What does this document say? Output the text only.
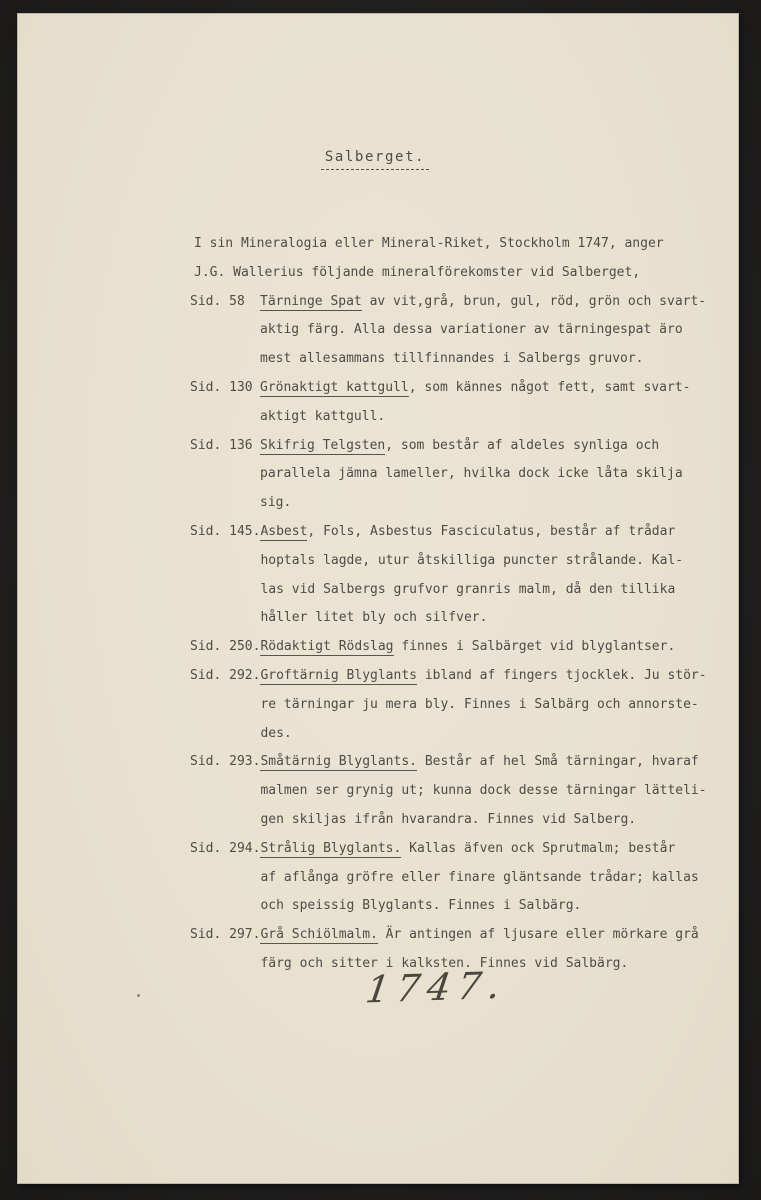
Salberget.

I sin Mineralogia eller Mineral-Riket, Stockholm 1747, anger

J.G. Wallerius följande mineralförekomster vid Salberget,

Sid. 58	Tärninge Spat av vit,grå, brun, gul, röd, grön och svart-
aktig färg. Alla dessa variationer av tärningespat äro
mest allesammans tillfinnandes i Salbergs gruvor.
Sid. 130 Grönaktigt kattgull, som kännes något fett, samt svart-
aktigt kattgull.
Sid. 136 Skifrig Telgsten, som består af aldeles synliga och
parallela jämna lameller, hvilka dock icke låta skilja
sig.
Sid. 145. Asbest, Fols, Asbestus Fasciculatus, består af trådar
hoptals lagde, utur åtskilliga puncter strålande. Kal-
las vid Salbergs grufvor granris malm, då den tillika
håller litet bly och silfver.
Sid. 250. Rödaktigt Rödslag finnes i Salbärget vid blyglantser.
Sid. 292. Groftärnig Blyglants ibland af fingers tjocklek. Ju stör-
re tärningar ju mera bly. Finnes i Salbärg och annorste-
des.
Sid. 293. Småtärnig Blyglants. Består af hel Små tärningar, hvaraf
malmen ser grynig ut; kunna dock desse tärningar lätteli-
gen skiljas ifrån hvarandra. Finnes vid Salberg.
Sid. 294. Strålig Blyglants. Kallas äfven ock Sprutmalm; består
af aflånga gröfre eller finare gläntsande trådar; kallas
och speissig Blyglants. Finnes i Salbärg.
Sid. 297. Grå Schiölmalm. Är antingen af ljusare eller mörkare grå
färg och sitter i kalksten. Finnes vid Salbärg.
1747.
